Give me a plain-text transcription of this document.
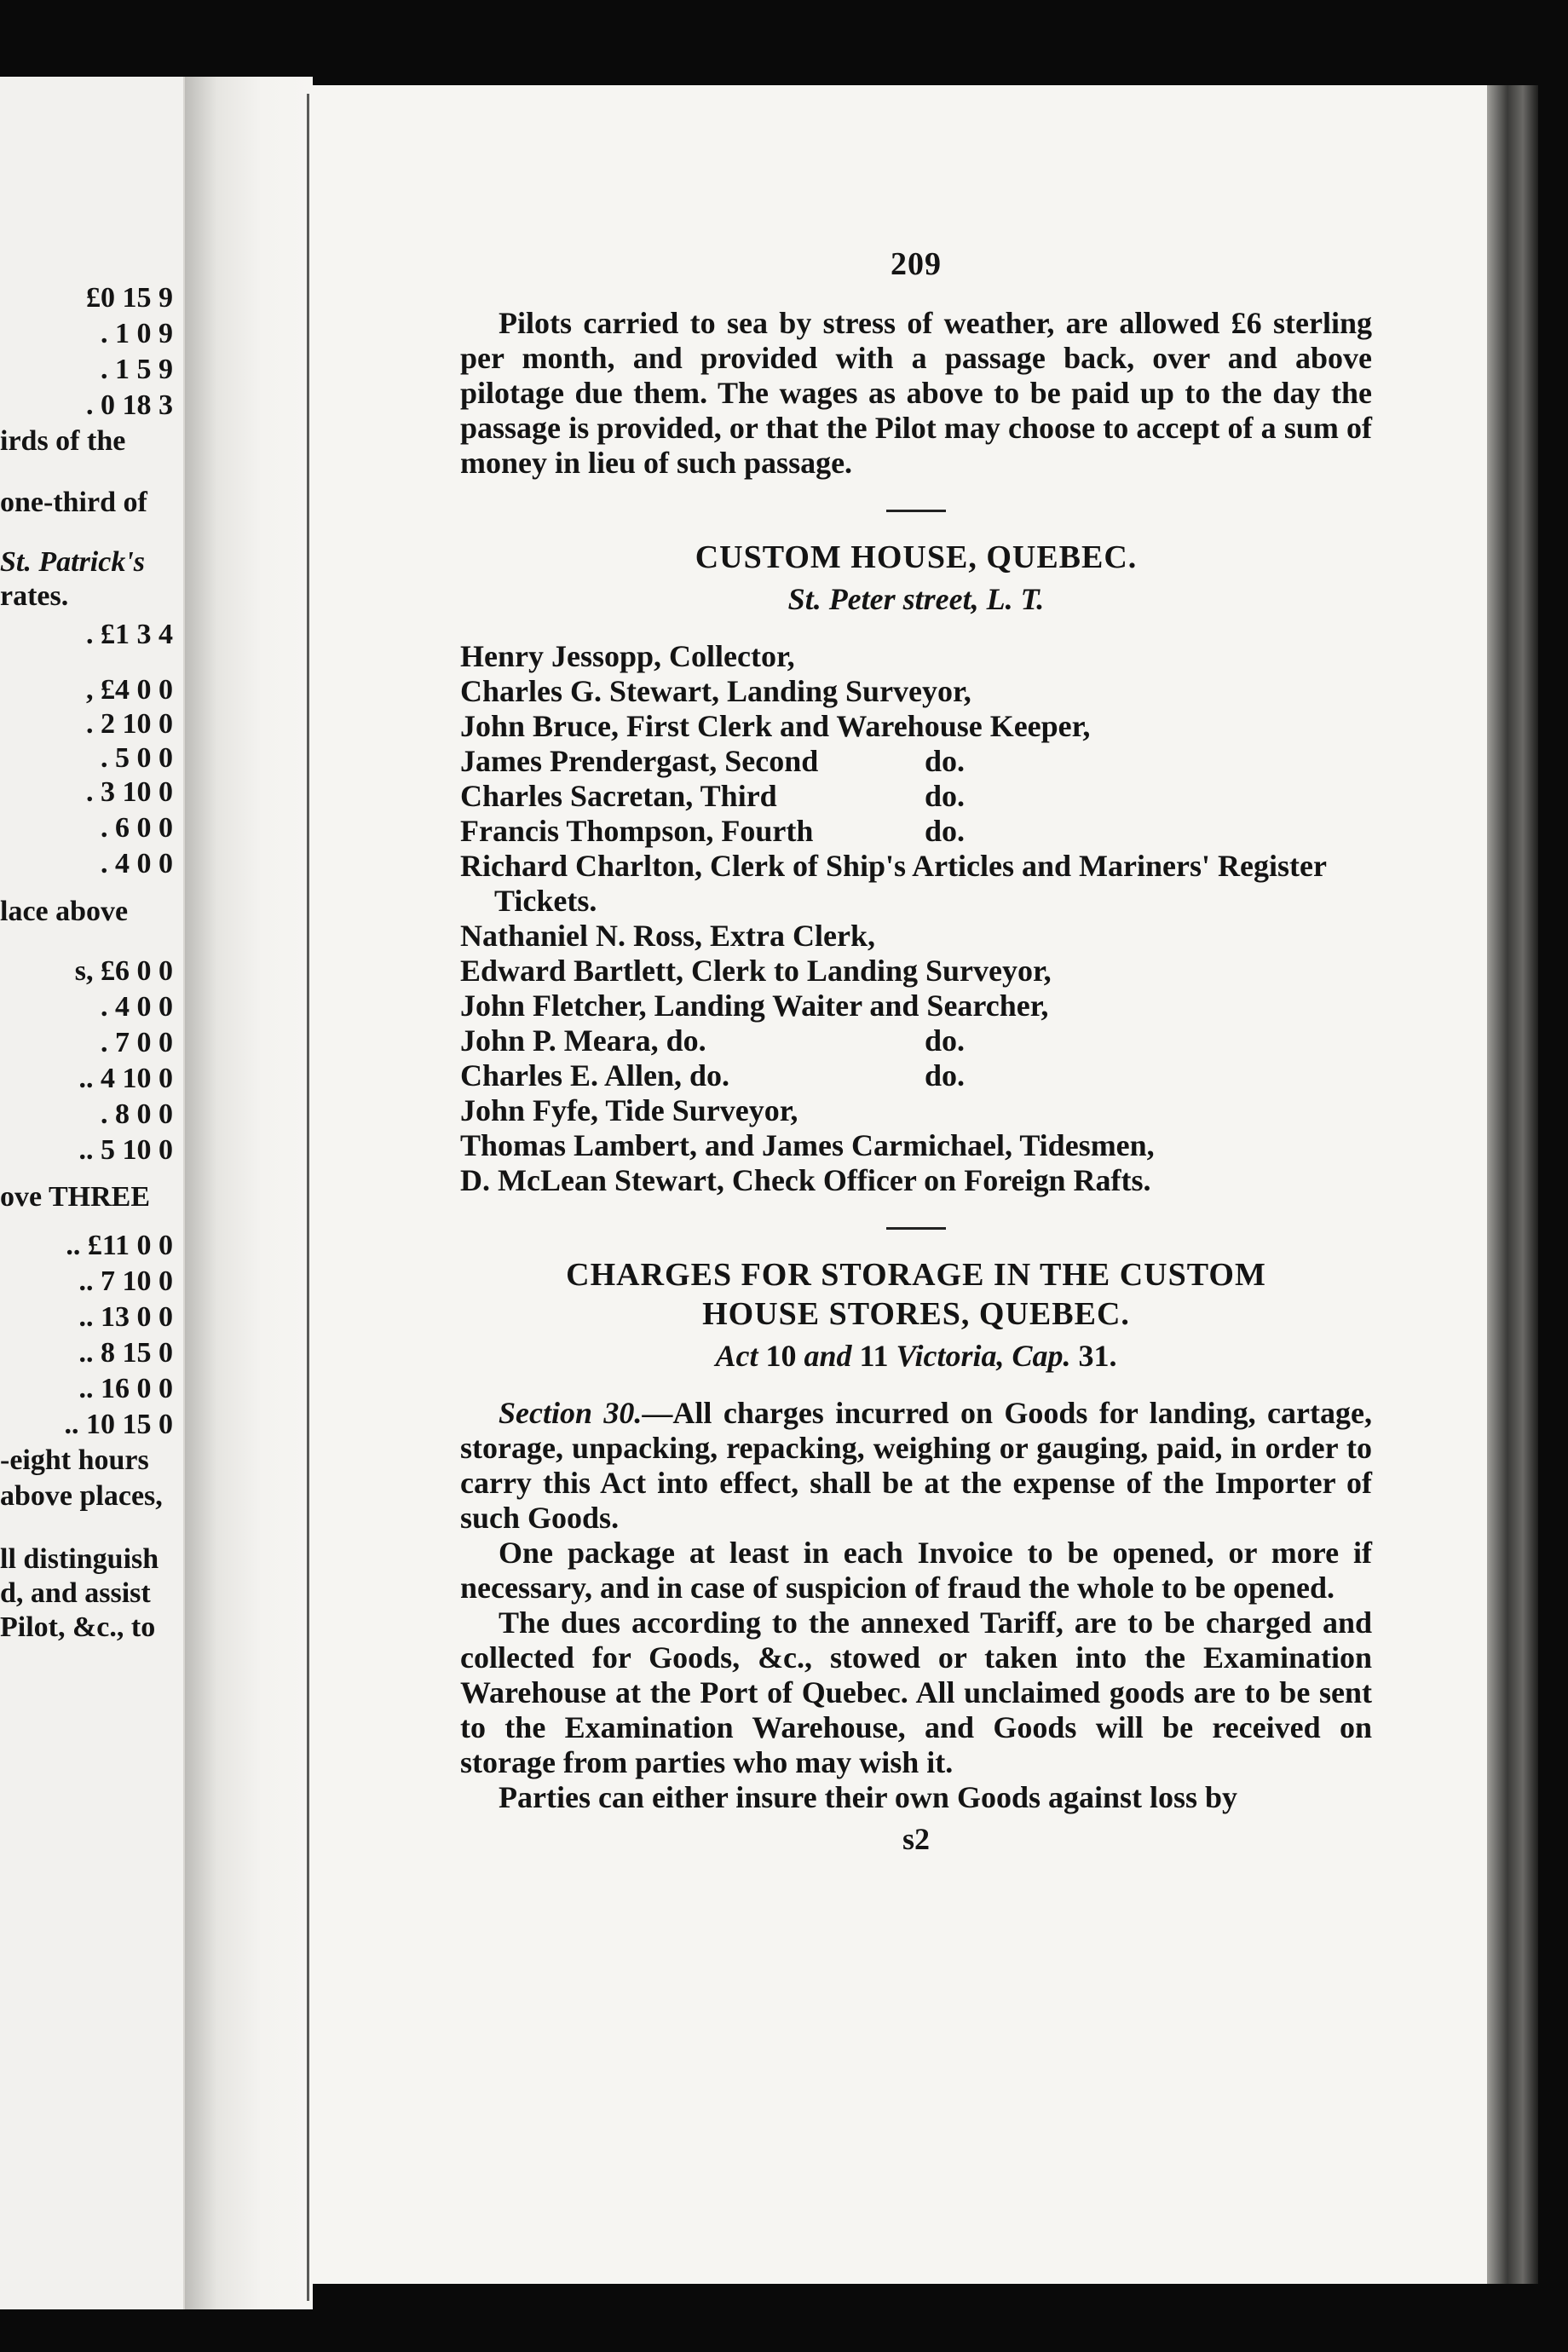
£0 15 9
. 1 0 9
. 1 5 9
. 0 18 3
irds of the
one-third of
St. Patrick's
rates.
. £1 3 4
, £4 0 0
. 2 10 0
. 5 0 0
. 3 10 0
. 6 0 0
. 4 0 0
lace above
s, £6 0 0
. 4 0 0
. 7 0 0
.. 4 10 0
. 8 0 0
.. 5 10 0
ove THREE
.. £11 0 0
.. 7 10 0
.. 13 0 0
.. 8 15 0
.. 16 0 0
.. 10 15 0
-eight hours
above places,
ll distinguish
d, and assist
Pilot, &c., to
209

Pilots carried to sea by stress of weather, are allowed £6 sterling per month, and provided with a passage back, over and above pilotage due them. The wages as above to be paid up to the day the passage is provided, or that the Pilot may choose to accept of a sum of money in lieu of such passage.

CUSTOM HOUSE, QUEBEC.
St. Peter street, L. T.
Henry Jessopp, Collector,
Charles G. Stewart, Landing Surveyor,
John Bruce, First Clerk and Warehouse Keeper,
James Prendergast, Second	do.
Charles Sacretan, Third	do.
Francis Thompson, Fourth	do.
Richard Charlton, Clerk of Ship's Articles and Mariners' Register Tickets.
Nathaniel N. Ross, Extra Clerk,
Edward Bartlett, Clerk to Landing Surveyor,
John Fletcher, Landing Waiter and Searcher,
John P. Meara, do.	do.
Charles E. Allen, do.	do.
John Fyfe, Tide Surveyor,
Thomas Lambert, and James Carmichael, Tidesmen,
D. McLean Stewart, Check Officer on Foreign Rafts.
CHARGES FOR STORAGE IN THE CUSTOM
HOUSE STORES, QUEBEC.
Act 10 and 11 Victoria, Cap. 31.

Section 30.—All charges incurred on Goods for landing, cartage, storage, unpacking, repacking, weighing or gauging, paid, in order to carry this Act into effect, shall be at the expense of the Importer of such Goods.

One package at least in each Invoice to be opened, or more if necessary, and in case of suspicion of fraud the whole to be opened.

The dues according to the annexed Tariff, are to be charged and collected for Goods, &c., stowed or taken into the Examination Warehouse at the Port of Quebec. All unclaimed goods are to be sent to the Examination Warehouse, and Goods will be received on storage from parties who may wish it.

Parties can either insure their own Goods against loss by

s2
